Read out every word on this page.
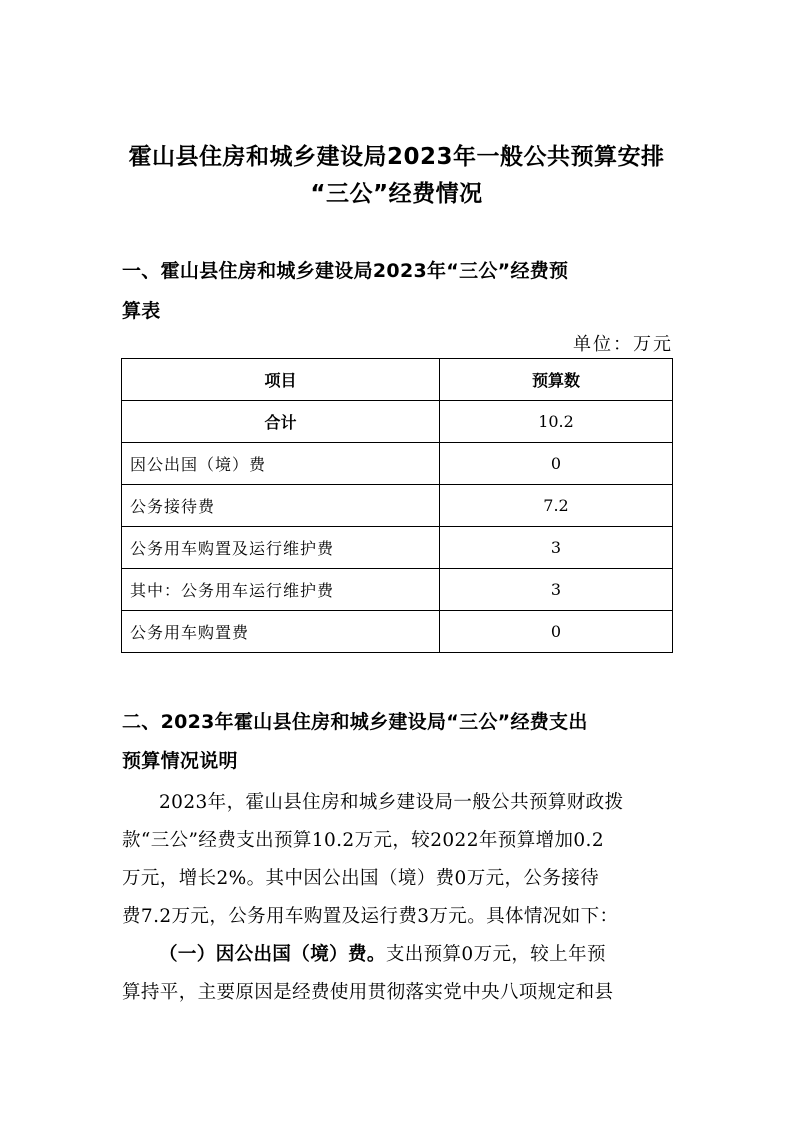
霍山县住房和城乡建设局2023年一般公共预算安排
“三公”经费情况
一、霍山县住房和城乡建设局2023年“三公”经费预
算表
单位：万元
项目	预算数
合计	10.2
因公出国（境）费	0
公务接待费	7.2
公务用车购置及运行维护费	3
其中：公务用车运行维护费	3
公务用车购置费	0
二、2023年霍山县住房和城乡建设局“三公”经费支出
预算情况说明

2023年，霍山县住房和城乡建设局一般公共预算财政拨

款“三公”经费支出预算10.2万元，较2022年预算增加0.2

万元，增长2%。其中因公出国（境）费0万元，公务接待

费7.2万元，公务用车购置及运行费3万元。具体情况如下：

（一）因公出国（境）费。支出预算0万元，较上年预

算持平，主要原因是经费使用贯彻落实党中央八项规定和县
